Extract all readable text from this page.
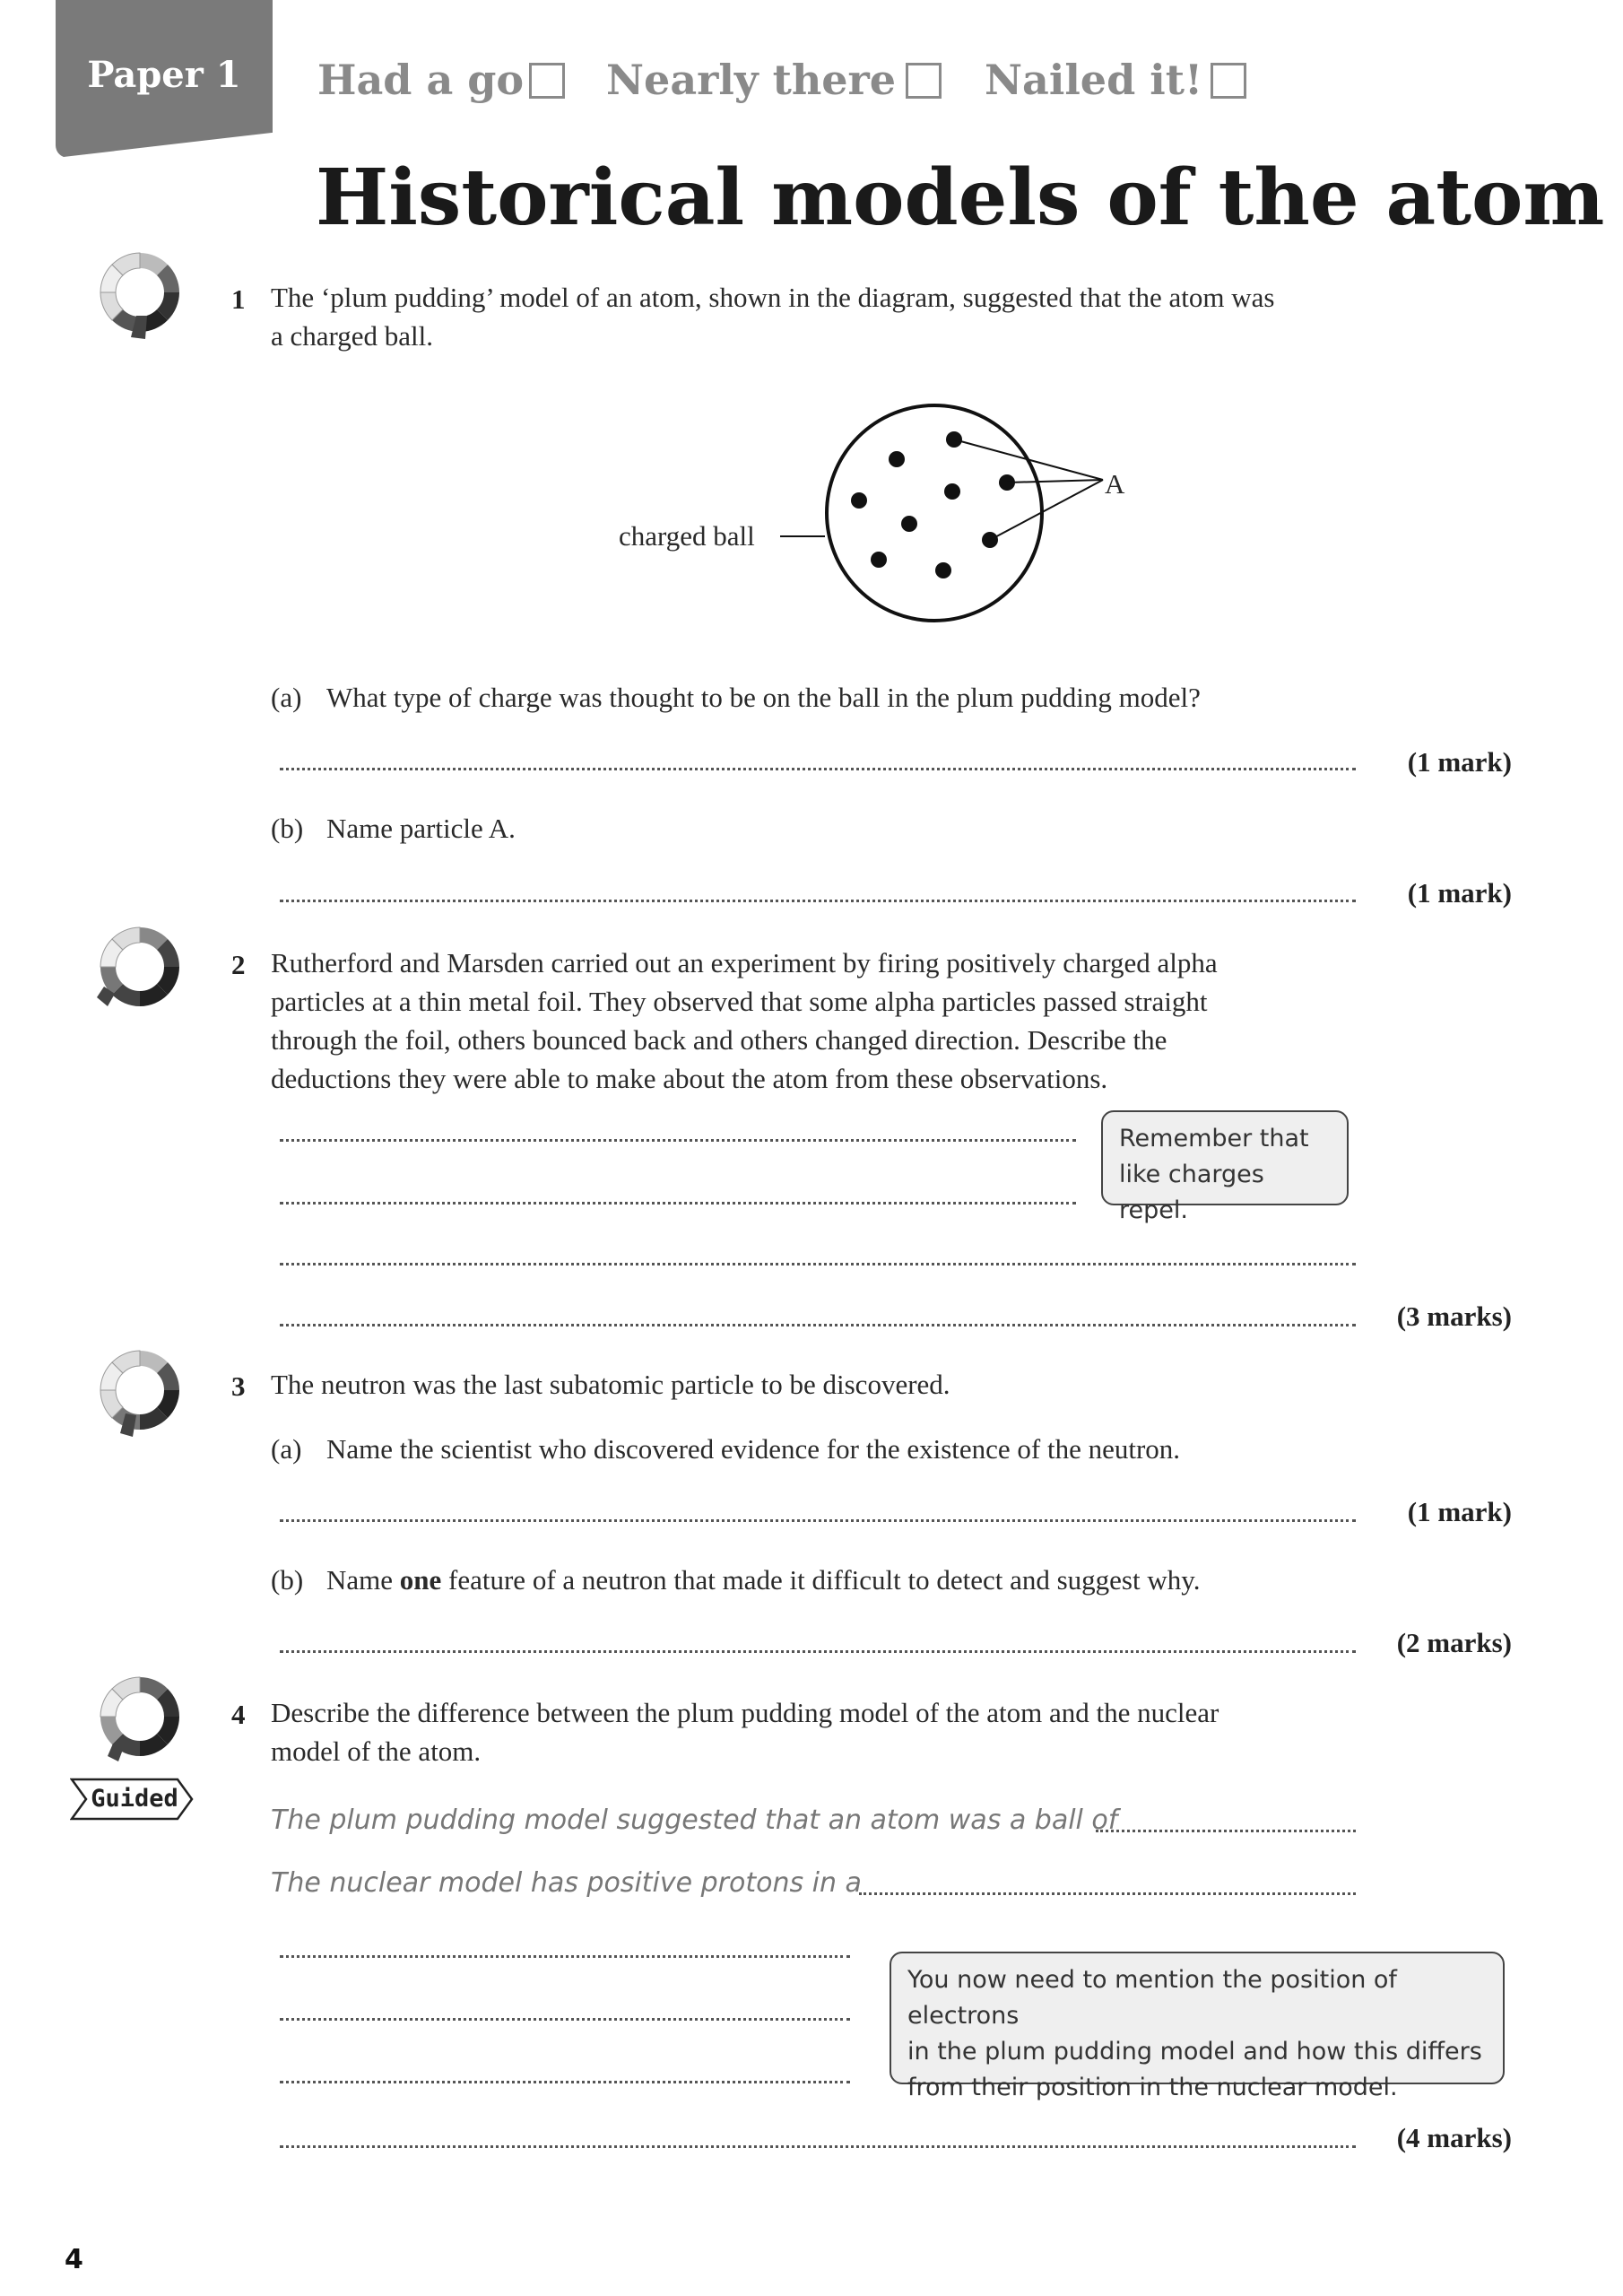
Paper 1	Had a go Nearly there Nailed it!
Historical models of the atom
1 The ‘plum pudding’ model of an atom, shown in the diagram, suggested that the atom was
a charged ball.
charged ball
A
(a) What type of charge was thought to be on the ball in the plum pudding model?
(1 mark)
(b) Name particle A.
(1 mark)
2 Rutherford and Marsden carried out an experiment by firing positively charged alpha
particles at a thin metal foil. They observed that some alpha particles passed straight
through the foil, others bounced back and others changed direction. Describe the
deductions they were able to make about the atom from these observations.
Remember that
like charges repel.
(3 marks)
3 The neutron was the last subatomic particle to be discovered.
(a) Name the scientist who discovered evidence for the existence of the neutron.
(1 mark)
(b) Name one feature of a neutron that made it difficult to detect and suggest why.
(2 marks)
4 Describe the difference between the plum pudding model of the atom and the nuclear
model of the atom.
Guided
The plum pudding model suggested that an atom was a ball of
The nuclear model has positive protons in a
You now need to mention the position of electrons
in the plum pudding model and how this differs
from their position in the nuclear model.
(4 marks)
4
